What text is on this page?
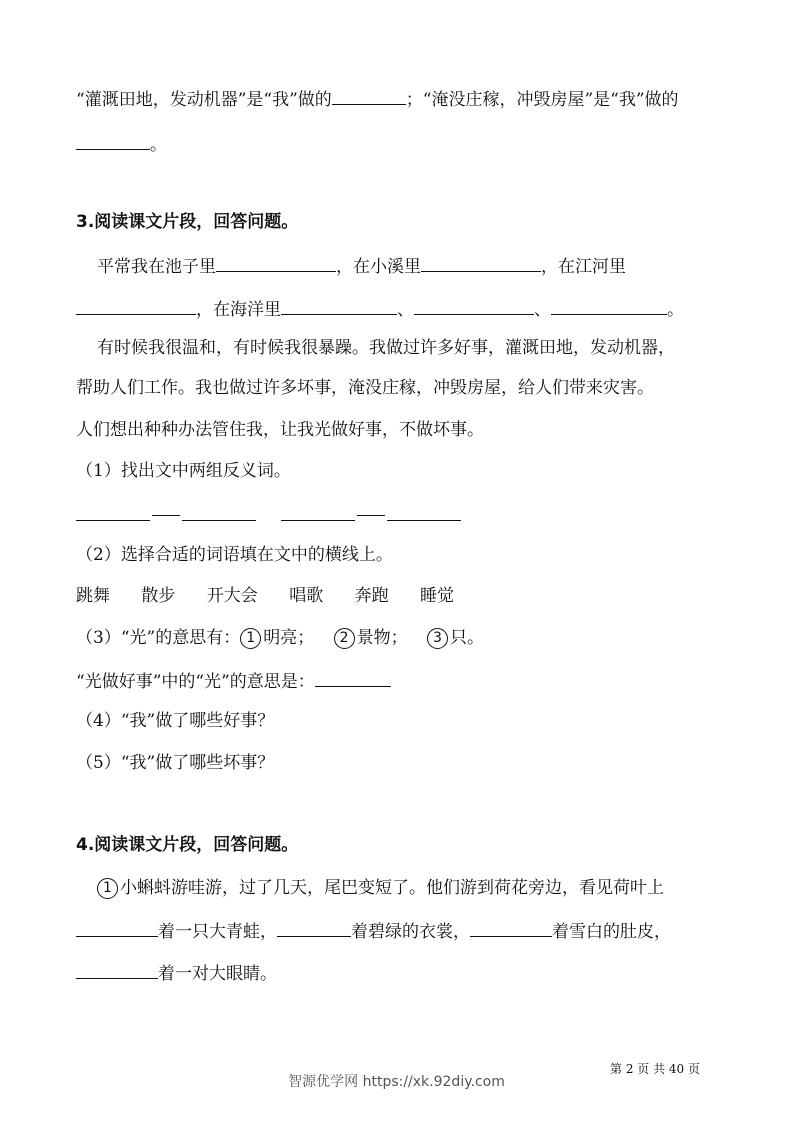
“灌溉田地，发动机器”是“我”做的	；“淹没庄稼，冲毁房屋”是“我”做的
。
3.阅读课文片段，回答问题。
平常我在池子里	，在小溪里	，在江河里
，在海洋里	、	、	。
有时候我很温和，有时候我很暴躁。我做过许多好事，灌溉田地，发动机器，
帮助人们工作。我也做过许多坏事，淹没庄稼，冲毁房屋，给人们带来灾害。
人们想出种种办法管住我，让我光做好事，不做坏事。
（1）找出文中两组反义词。

（2）选择合适的词语填在文中的横线上。
跳舞 散步 开大会 唱歌 奔跑 睡觉
（3）“光”的意思有： 1 明亮； 2 景物； 3 只。
“光做好事”中的“光”的意思是：
（4）“我”做了哪些好事？
（5）“我”做了哪些坏事？
4.阅读课文片段，回答问题。
1 小蝌蚪游哇游，过了几天，尾巴变短了。他们游到荷花旁边，看见荷叶上
着一只大青蛙，	着碧绿的衣裳，	着雪白的肚皮，
着一对大眼睛。
第 2 页 共 40 页
智源优学网 https://xk.92diy.com
